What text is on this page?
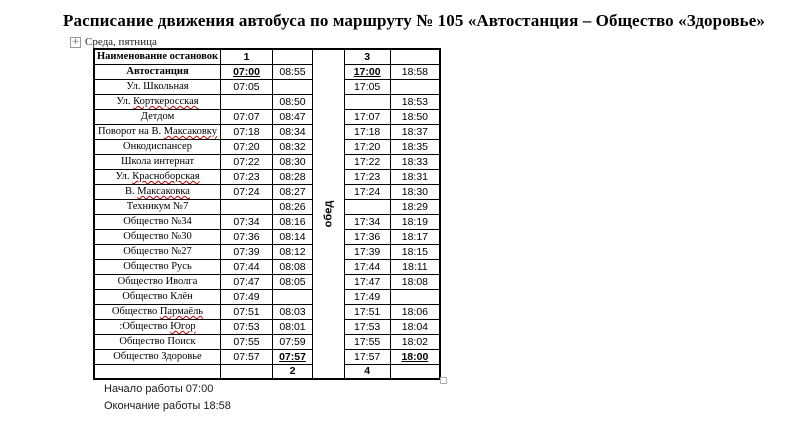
Расписание движения автобуса по маршруту № 105 «Автостанция – Общество «Здоровье»
+ Среда, пятница
Наименование остановок	1		обед	3	
Автостанция	07:00	08:55		17:00	18:58
Ул. Школьная	07:05			17:05	
Ул. Корткеросская		08:50			18:53
Детдом	07:07	08:47		17:07	18:50
Поворот на В. Максаковку	07:18	08:34		17:18	18:37
Онкодиспансер	07:20	08:32		17:20	18:35
Школа интернат	07:22	08:30		17:22	18:33
Ул. Красноборская	07:23	08:28		17:23	18:31
В. Максаковка	07:24	08:27		17:24	18:30
Техникум №7		08:26			18:29
Общество №34	07:34	08:16		17:34	18:19
Общество №30	07:36	08:14		17:36	18:17
Общество №27	07:39	08:12		17:39	18:15
Общество Русь	07:44	08:08		17:44	18:11
Общество Иволга	07:47	08:05		17:47	18:08
Общество Клён	07:49			17:49	
Общество Пармаёль	07:51	08:03		17:51	18:06
:Общество Югор	07:53	08:01		17:53	18:04
Общество Поиск	07:55	07:59		17:55	18:02
Общество Здоровье	07:57	07:57		17:57	18:00
		2		4
Начало работы 07:00
Окончание работы 18:58
